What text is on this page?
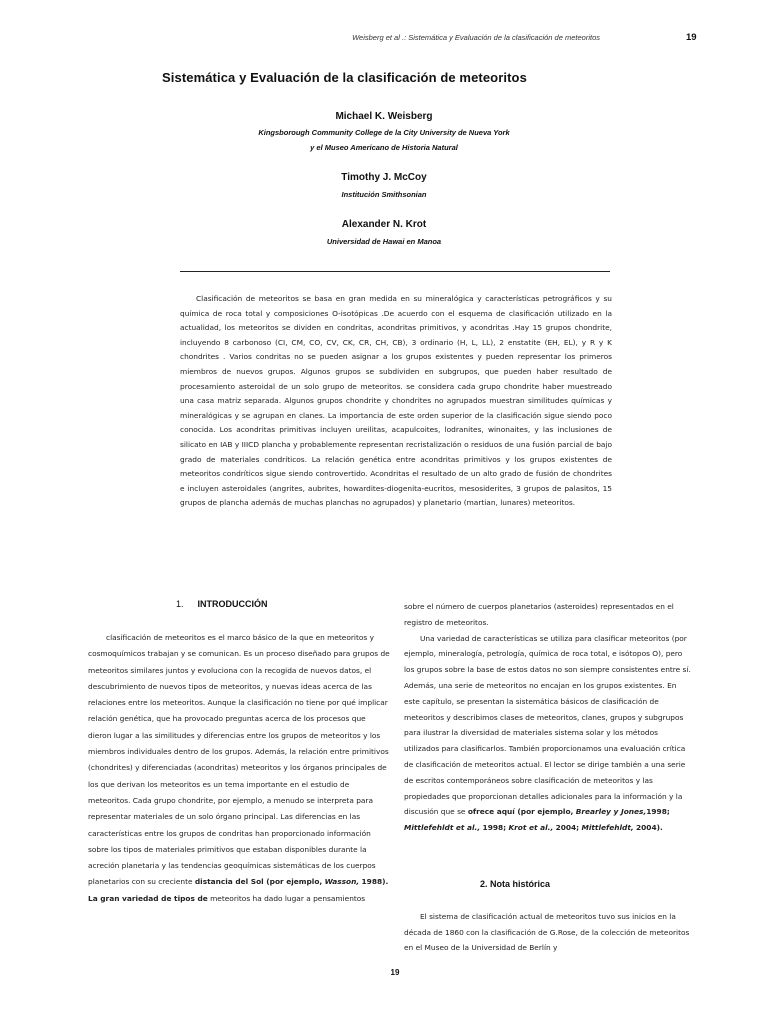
Weisberg et al .: Sistemática y Evaluación de la clasificación de meteoritos	19
Sistemática y Evaluación de la clasificación de meteoritos
Michael K. Weisberg
Kingsborough Community College de la City University de Nueva York
y el Museo Americano de Historia Natural
Timothy J. McCoy
Institución Smithsonian
Alexander N. Krot
Universidad de Hawai en Manoa
Clasificación de meteoritos se basa en gran medida en su mineralógica y características petrográficos y su química de roca total y composiciones O-isotópicas .De acuerdo con el esquema de clasificación utilizado en la actualidad, los meteoritos se dividen en condritas, acondritas primitivos, y acondritas .Hay 15 grupos chondrite, incluyendo 8 carbonoso (CI, CM, CO, CV, CK, CR, CH, CB), 3 ordinario (H, L, LL), 2 enstatite (EH, EL), y R y K chondrites . Varios condritas no se pueden asignar a los grupos existentes y pueden representar los primeros miembros de nuevos grupos. Algunos grupos se subdividen en subgrupos, que pueden haber resultado de procesamiento asteroidal de un solo grupo de meteoritos. se considera cada grupo chondrite haber muestreado una casa matriz separada. Algunos grupos chondrite y chondrites no agrupados muestran similitudes químicas y mineralógicas y se agrupan en clanes. La importancia de este orden superior de la clasificación sigue siendo poco conocida. Los acondritas primitivas incluyen ureilitas, acapulcoites, lodranites, winonaites, y las inclusiones de silicato en IAB y IIICD plancha y probablemente representan recristalización o residuos de una fusión parcial de bajo grado de materiales condríticos. La relación genética entre acondritas primitivos y los grupos existentes de meteoritos condríticos sigue siendo controvertido. Acondritas el resultado de un alto grado de fusión de chondrites e incluyen asteroidales (angrites, aubrites, howardites-diogenita-eucritos, mesosiderites, 3 grupos de palasitos, 15 grupos de plancha además de muchas planchas no agrupados) y planetario (martian, lunares) meteoritos.
1. INTRODUCCIÓN

clasificación de meteoritos es el marco básico de la que en meteoritos y cosmoquímicos trabajan y se comunican. Es un proceso diseñado para grupos de meteoritos similares juntos y evoluciona con la recogida de nuevos datos, el descubrimiento de nuevos tipos de meteoritos, y nuevas ideas acerca de las relaciones entre los meteoritos. Aunque la clasificación no tiene por qué implicar relación genética, que ha provocado preguntas acerca de los procesos que dieron lugar a las similitudes y diferencias entre los grupos de meteoritos y los miembros individuales dentro de los grupos. Además, la relación entre primitivos (chondrites) y diferenciadas (acondritas) meteoritos y los órganos principales de los que derivan los meteoritos es un tema importante en el estudio de meteoritos. Cada grupo chondrite, por ejemplo, a menudo se interpreta para representar materiales de un solo órgano principal. Las diferencias en las características entre los grupos de condritas han proporcionado información sobre los tipos de materiales primitivos que estaban disponibles durante la acreción planetaria y las tendencias geoquímicas sistemáticas de los cuerpos planetarios con su creciente distancia del Sol (por ejemplo, Wasson, 1988). La gran variedad de tipos de meteoritos ha dado lugar a pensamientos

sobre el número de cuerpos planetarios (asteroides) representados en el registro de meteoritos.

Una variedad de características se utiliza para clasificar meteoritos (por ejemplo, mineralogía, petrología, química de roca total, e isótopos O), pero los grupos sobre la base de estos datos no son siempre consistentes entre sí. Además, una serie de meteoritos no encajan en los grupos existentes. En este capítulo, se presentan la sistemática básicos de clasificación de meteoritos y describimos clases de meteoritos, clanes, grupos y subgrupos para ilustrar la diversidad de materiales sistema solar y los métodos utilizados para clasificarlos. También proporcionamos una evaluación crítica de clasificación de meteoritos actual. El lector se dirige también a una serie de escritos contemporáneos sobre clasificación de meteoritos y las propiedades que proporcionan detalles adicionales para la información y la discusión que se ofrece aquí (por ejemplo, Brearley y Jones,1998; Mittlefehldt et al., 1998; Krot et al., 2004; Mittlefehldt, 2004).

2. Nota histórica
El sistema de clasificación actual de meteoritos tuvo sus inicios en la década de 1860 con la clasificación de G.Rose, de la colección de meteoritos en el Museo de la Universidad de Berlín y
19
